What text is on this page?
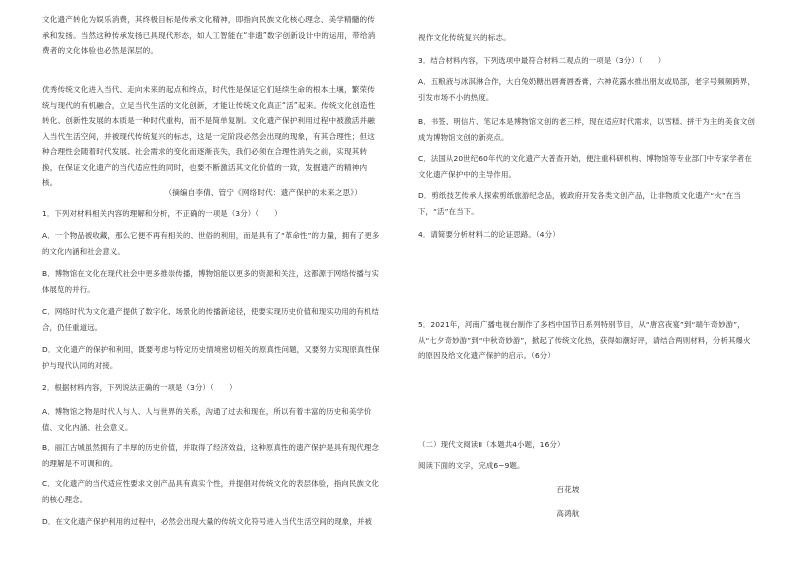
文化遗产转化为娱乐消费，其终极目标是传承文化精神，即指向民族文化核心理念、美学精髓的传承和发扬。当然这种传承发扬已具现代形态，如人工智能在“非遗”数字创新设计中的运用，带给消费者的文化体验也必然是深层的。
优秀传统文化进入当代、走向未来的起点和终点，时代性是保证它们延续生命的根本土壤，繁荣传统与现代的有机融合，立足当代生活的文化创新，才能让传统文化真正“活”起来。传统文化创造性转化、创新性发展的本质是一种时代重构，而不是简单复制。文化遗产保护利用过程中被激活并融入当代生活空间，并被现代传统复兴的标志，这是一定阶段必然会出现的现象，有其合理性；但这种合理性会随着时代发展、社会需求的变化而逐渐丧失，我们必须在合理性消失之前，实现其转换，在保证文化遗产的当代适应性的同时，也要不断激活其文化价值的一致，发掘遗产的精神内核。
（摘编自李倩、管宁《网络时代：遗产保护的未来之思》）
1．下列对材料相关内容的理解和分析，不正确的一项是（3分）（　　）
A．一个物品被收藏，那么它便不再有相关的、世俗的利用，而是具有了“革命性”的力量，拥有了更多的文化内涵和社会意义。
B．博物馆在文化在现代社会中更多推崇传播，博物馆能以更多的资源和关注，这都源于网络传播与实体展览的并行。
C．网络时代为文化遗产提供了数字化、场景化的传播新途径，使要实现历史价值和现实功用的有机结合，仍任重道远。
D．文化遗产的保护和利用，既要考虑与特定历史情境密切相关的原真性问题，又要努力实现原真性保护与现代认同的对接。
2．根据材料内容，下列说法正确的一项是（3分）（　　）
A．博物馆之物是时代人与人、人与世界的关系，沟通了过去和现在，所以有着丰富的历史和美学价值、文化内涵、社会意义。
B．丽江古城虽然拥有了丰厚的历史价值，并取得了经济效益，这种原真性的遗产保护是具有现代理念的理解是不可调和的。
C．文化遗产的当代适应性要求文创产品具有真实个性，并提倡对传统文化的表层体验，指向民族文化的核心理念。
D．在文化遗产保护利用的过程中，必然会出现大量的传统文化符号进入当代生活空间的现象，并被
视作文化传统复兴的标志。
3．结合材料内容，下列选项中最符合材料二观点的一项是（3分）（　　）
A．五粮液与冰淇淋合作，大白兔奶糖出唇膏唇香膏，六神花露水推出朋友或局部，老字号频频跨界，引发市场不小的热度。
B．书签、明信片、笔记本是博物馆文创的老三样，现在适应时代需求，以雪糕、拼干为主的美食文创成为博物馆文创的新亮点。
C．法国从20世纪60年代的文化遗产大普查开始，便注重科研机构、博物馆等专业部门中专家学者在文化遗产保护中的主导作用。
D．剪纸技艺传承人探索剪纸旅游纪念品，被政府开发各类文创产品，让非物质文化遗产“火”在当下，“活”在当下。
4．请简要分析材料二的论证思路。（4分）
5．2021年，河南广播电视台制作了多档中国节日系列特别节目，从“唐宫夜宴”到“端午奇妙游”，从“七夕奇妙游”到“中秋奇妙游”，掀起了传统文化热，获得如潮好评，请结合两则材料，分析其爆火的原因及给文化遗产保护的启示。（6分）
（二）现代文阅读Ⅱ（本题共4小题，16分）
阅读下面的文字，完成6~9题。
百花坡
高鸿航
